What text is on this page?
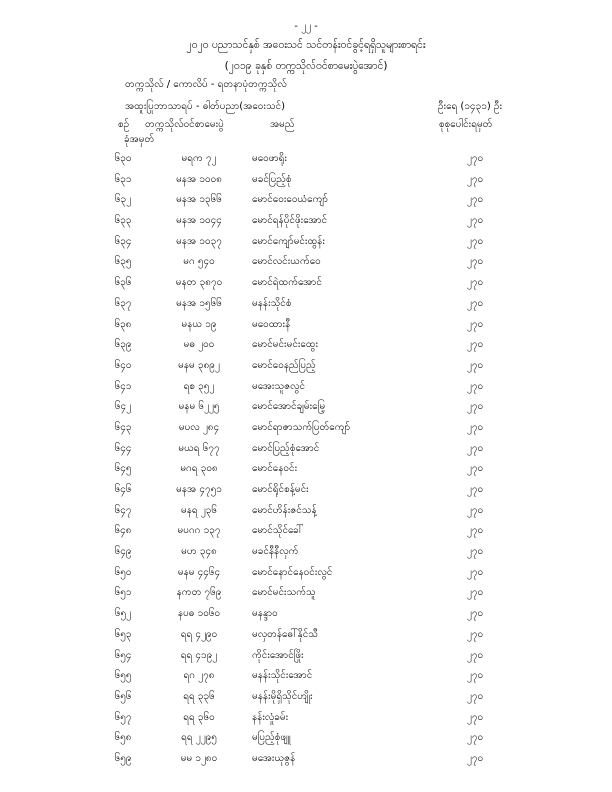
- ၂၂ -
၂၀၂၀ ပညာသင်နှစ် အဝေးသင် သင်တန်းဝင်ခွင့်ရရှိသူများစာရင်း
(၂၀၁၉ ခုနှစ် တက္ကသိုလ်ဝင်စာမေးပွဲအောင်)
တက္ကသိုလ် / ကောလိပ် - ရတနာပုံတက္ကသိုလ်
အထူးပြုဘာသာရပ် - ဓါတ်ပညာ(အဝေးသင်)	ဦးရေ (၁၄၃၁) ဦး
စဉ် တက္ကသိုလ်ဝင်စာမေးပွဲ
ခုံအမှတ်
အမည်	စုစုပေါင်းရမှတ်
၆၃၀	မရက ၇၂	မဝေဖာရိုး	၂၇၀
၆၃၁	မနအ ၁၀၀၈	မခင်ပြည့်စုံ	၂၇၀
၆၃၂	မနအ ၁၃၆၆	မောင်ဝေးဝေယံကျော်	၂၇၀
၆၃၃	မနအ ၁၀၄၄	မောင်ရန်ပိုင်ဖိုးအောင်	၂၇၀
၆၃၄	မနအ ၁၀၃၇	မောင်ကျော်မင်းထွန်း	၂၇၀
၆၃၅	မဂ ၅၄၀	မောင်လင်းယက်ဝေ	၂၇၀
၆၃၆	မနတ ၃၈၇၀	မောင်ရဲထက်အောင်	၂၇၀
၆၃၇	မနအ ၁၅၆၆	မနန်းသိုင်စံ	၂၇၀
၆၃၈	မနယ ၁၉	မဝေထားနီ	၂၇၀
၆၃၉	မဓ ၂၀၀	မောင်မင်းမင်းထွေး	၂၇၀
၆၄၀	မနမ ၃၈၉၂	မောင်ဝေနည်ပြည့်	၂၇၀
၆၄၁	ရစ ၃၅၂	မအေးသူဇလွင်	၂၇၀
၆၄၂	မနမ ၆၂၂၅	မောင်အောင်ချမ်းမြေ့	၂၇၀
၆၄၃	မပလ ၂၈၄	မောင်ရာဇာသက်ပြတ်ကျော်	၂၇၀
၆၄၄	မယရ ၆၇၇	မောင်ပြည့်စုံအောင်	၂၇၀
၆၄၅	မဂရ ၃၀၈	မောင်နေဝင်း	၂၇၀
၆၄၆	မနအ ၄၇၅၁	မောင်ရိုင်စန့်မင်း	၂၇၀
၆၄၇	မနရ ၂၃၆	မောင်ဟိန်းဇင်သန့်	၂၇၀
၆၄၈	မပဂဂ ၁၃၇	မောင်သိုင်ခေါ်	၂၇၀
၆၄၉	မဟ ၃၄၈	မခင်နီနီလှက်	၂၇၀
၆၅၀	မနမ ၄၄၆၄	မောင်နောင်နေဝင်းလွင်	၂၇၀
၆၅၁	နကတ ၇၆၉	မောင်မင်းသက်သူ	၂၇၀
၆၅၂	နပဓ ၁၀၆၀	မနန္ဒာဝ	၂၇၀
၆၅၃	ရရ ၄၂၉၀	မလှတန်ဓေါ်နိုင်သီ	၂၇၀
၆၅၄	ရရ ၄၁၉၂	ကိုင်းအောင်ဖြိုး	၂၇၀
၆၅၅	ရဂ ၂၇၈	မနန်းသိုင်းအောင်	၂၇၀
၆၅၆	ရရ ၃၃၆	မနန်းမိုရှိသိုင်ဟျိုး	၂၇၀
၆၅၇	ရရ ၃၆၀	နန်းလှုံခမ်း	၂၇၀
၆၅၈	ရရ ၂၂၉၅	မပြည့်စုံဖျူ	၂၇၀
၆၅၉	မမ ၁၂၈၀	မအေးယုဇွန်	၂၇၀
